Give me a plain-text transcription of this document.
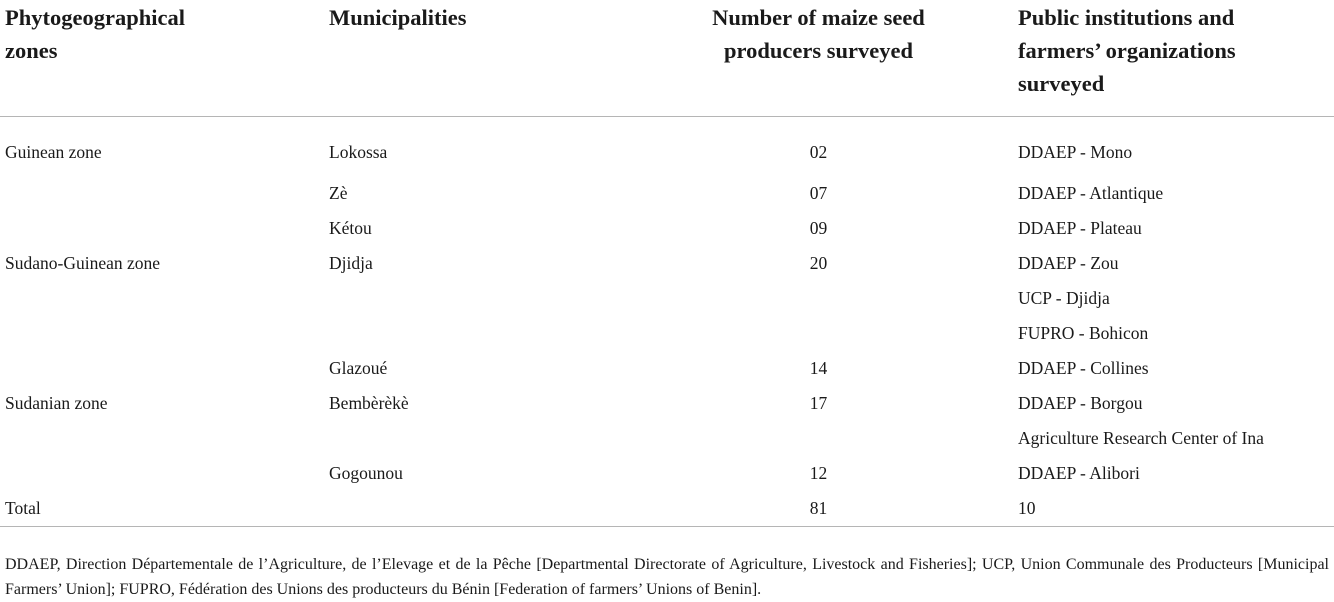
Phytogeographical zones	Municipalities	Number of maize seed producers surveyed	Public institutions and farmers’ organizations surveyed

Guinean zone	Lokossa	02	DDAEP - Mono
	Zè	07	DDAEP - Atlantique
	Kétou	09	DDAEP - Plateau
Sudano-Guinean zone	Djidja	20	DDAEP - Zou
			UCP - Djidja
			FUPRO - Bohicon
	Glazoué	14	DDAEP - Collines
Sudanian zone	Bembèrèkè	17	DDAEP - Borgou
			Agriculture Research Center of Ina
	Gogounou	12	DDAEP - Alibori
Total		81	10

DDAEP, Direction Départementale de l’Agriculture, de l’Elevage et de la Pêche [Departmental Directorate of Agriculture, Livestock and Fisheries]; UCP, Union Communale des Producteurs [Municipal Farmers’ Union]; FUPRO, Fédération des Unions des producteurs du Bénin [Federation of farmers’ Unions of Benin].
